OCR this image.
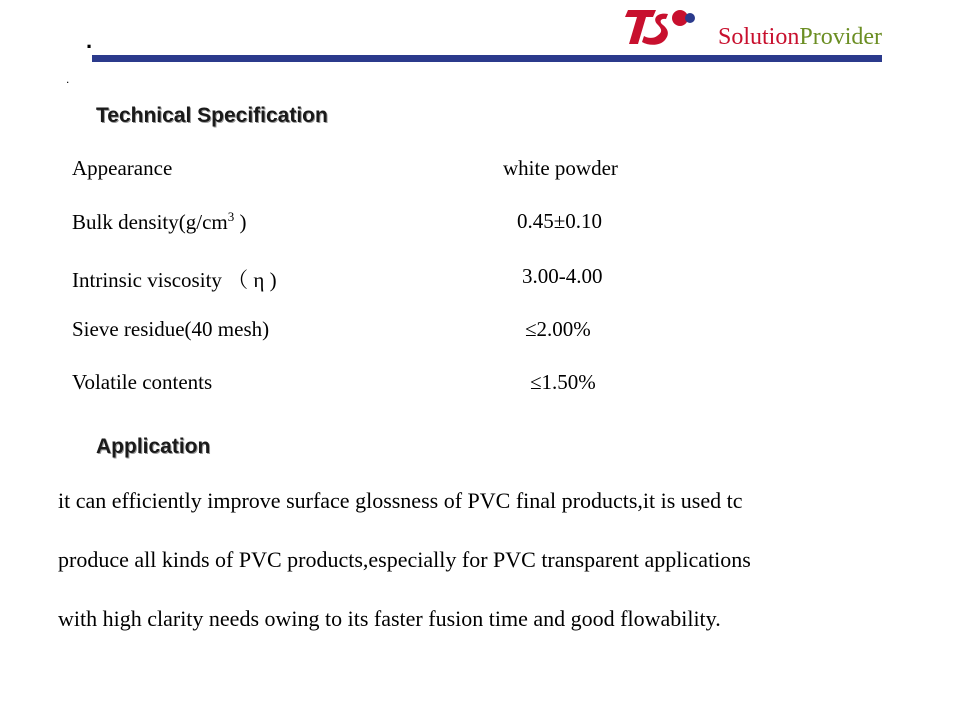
.
.
SolutionProvider
Technical Specification
Appearance	white powder
Bulk $density(g/cm^3$ )	0.45±0.10
Intrinsic viscosity （ η )	3.00-4.00
Sieve residue(40 mesh)	≤2.00%
Volatile contents	≤1.50%
Application
it can efficiently improve surface glossness of PVC final products,it is used tc
produce all kinds of PVC products,especially for PVC transparent applications
with high clarity needs owing to its faster fusion time and good flowability.
